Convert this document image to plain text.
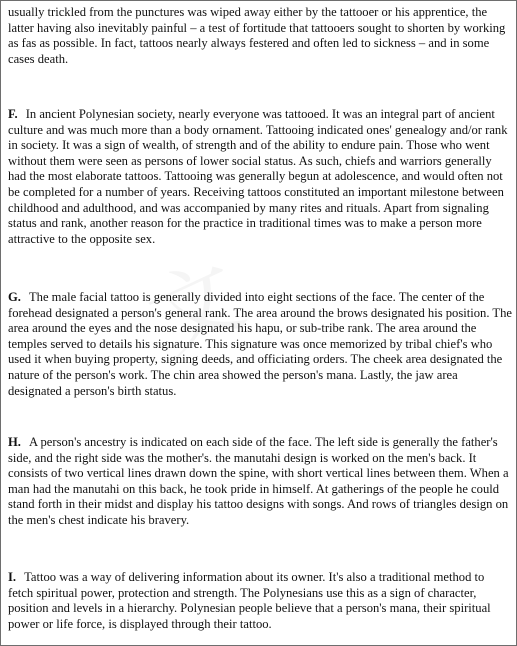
usually trickled from the punctures was wiped away either by the tattooer or his apprentice, the latter having also inevitably painful – a test of fortitude that tattooers sought to shorten by working as fas as possible. In fact, tattoos nearly always festered and often led to sickness – and in some cases death.

F. In ancient Polynesian society, nearly everyone was tattooed. It was an integral part of ancient culture and was much more than a body ornament. Tattooing indicated ones' genealogy and/or rank in society. It was a sign of wealth, of strength and of the ability to endure pain. Those who went without them were seen as persons of lower social status. As such, chiefs and warriors generally had the most elaborate tattoos. Tattooing was generally begun at adolescence, and would often not be completed for a number of years. Receiving tattoos constituted an important milestone between childhood and adulthood, and was accompanied by many rites and rituals. Apart from signaling status and rank, another reason for the practice in traditional times was to make a person more attractive to the opposite sex.

G. The male facial tattoo is generally divided into eight sections of the face. The center of the forehead designated a person's general rank. The area around the brows designated his position. The area around the eyes and the nose designated his hapu, or sub-tribe rank. The area around the temples served to details his signature. This signature was once memorized by tribal chief's who used it when buying property, signing deeds, and officiating orders. The cheek area designated the nature of the person's work. The chin area showed the person's mana. Lastly, the jaw area designated a person's birth status.

H. A person's ancestry is indicated on each side of the face. The left side is generally the father's side, and the right side was the mother's. the manutahi design is worked on the men's back. It consists of two vertical lines drawn down the spine, with short vertical lines between them. When a man had the manutahi on this back, he took pride in himself. At gatherings of the people he could stand forth in their midst and display his tattoo designs with songs. And rows of triangles design on the men's chest indicate his bravery.

I. Tattoo was a way of delivering information about its owner. It's also a traditional method to fetch spiritual power, protection and strength. The Polynesians use this as a sign of character, position and levels in a hierarchy. Polynesian people believe that a person's mana, their spiritual power or life force, is displayed through their tattoo.
